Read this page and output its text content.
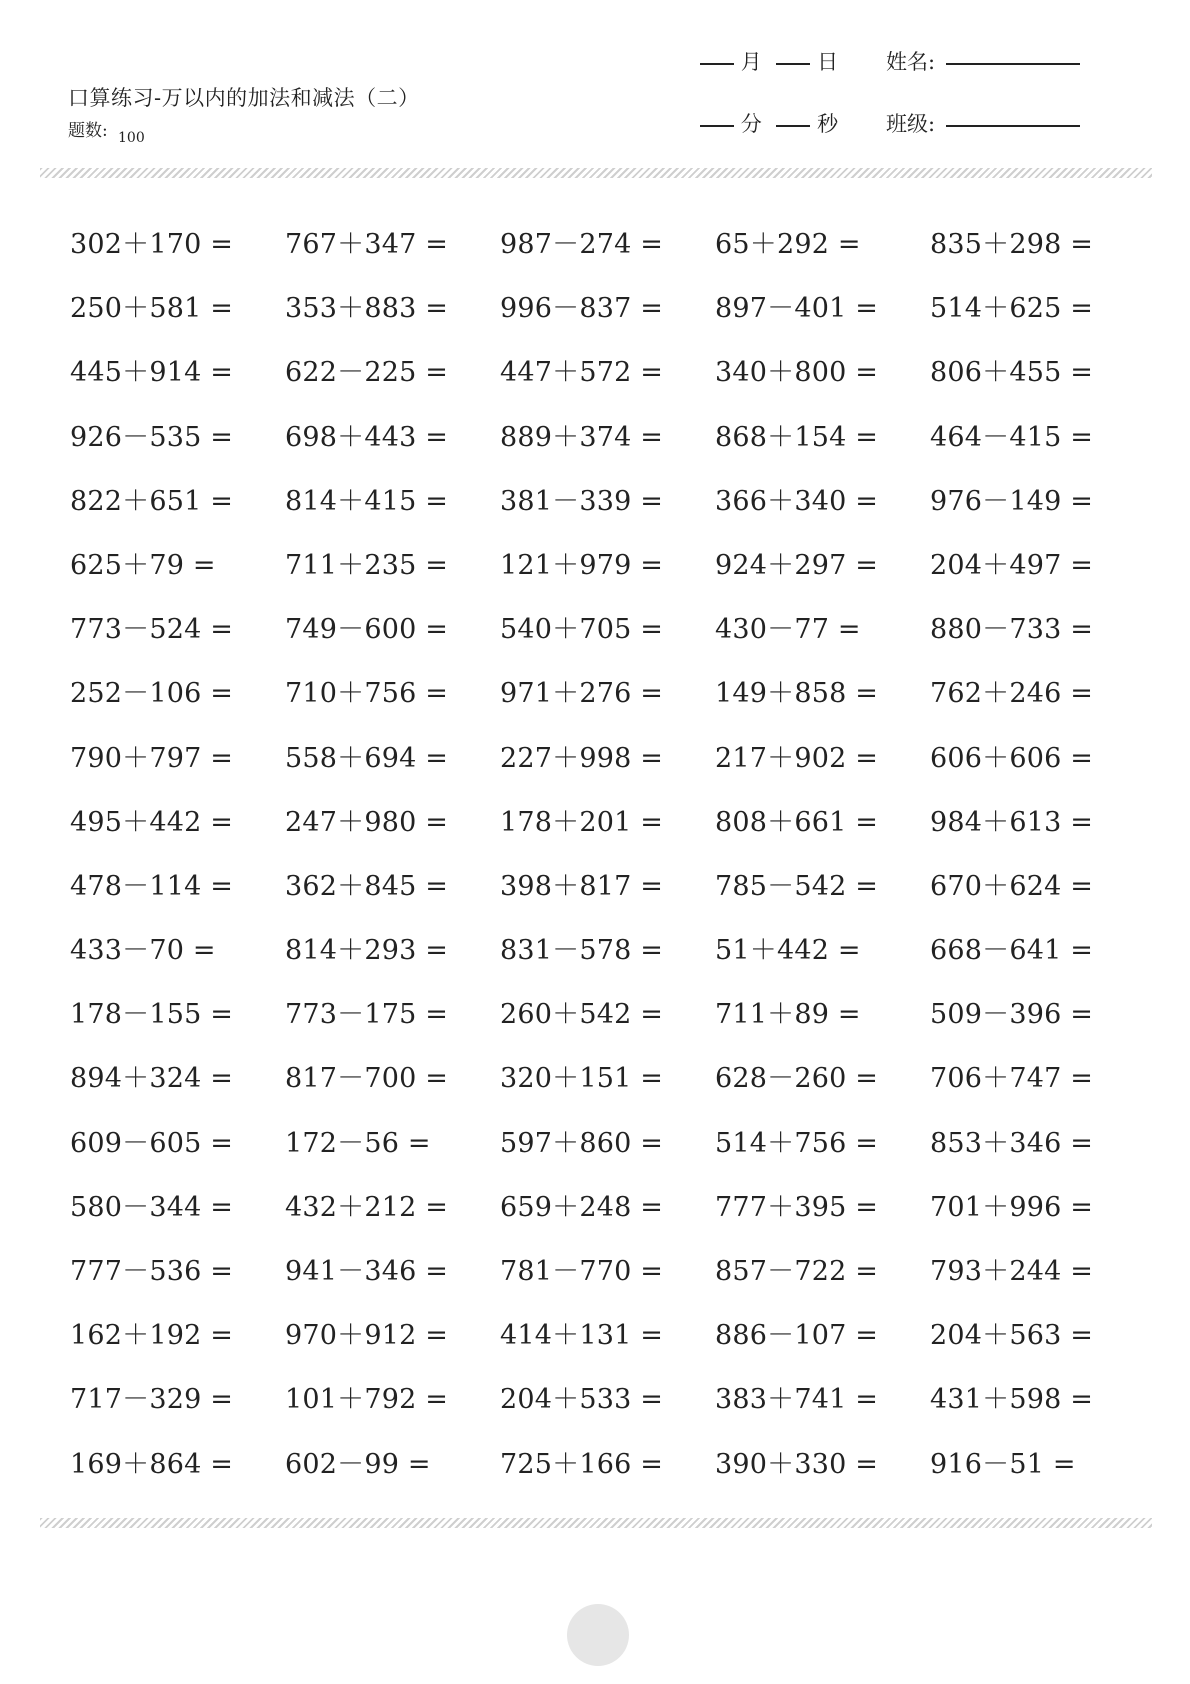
口算练习-万以内的加法和减法（二）
题数: 100
月	日
分	秒
姓名:
班级:
302＋170 =	767＋347 =	987－274 =	65＋292 =	835＋298 =
250＋581 =	353＋883 =	996－837 =	897－401 =	514＋625 =
445＋914 =	622－225 =	447＋572 =	340＋800 =	806＋455 =
926－535 =	698＋443 =	889＋374 =	868＋154 =	464－415 =
822＋651 =	814＋415 =	381－339 =	366＋340 =	976－149 =
625＋79 =	711＋235 =	121＋979 =	924＋297 =	204＋497 =
773－524 =	749－600 =	540＋705 =	430－77 =	880－733 =
252－106 =	710＋756 =	971＋276 =	149＋858 =	762＋246 =
790＋797 =	558＋694 =	227＋998 =	217＋902 =	606＋606 =
495＋442 =	247＋980 =	178＋201 =	808＋661 =	984＋613 =
478－114 =	362＋845 =	398＋817 =	785－542 =	670＋624 =
433－70 =	814＋293 =	831－578 =	51＋442 =	668－641 =
178－155 =	773－175 =	260＋542 =	711＋89 =	509－396 =
894＋324 =	817－700 =	320＋151 =	628－260 =	706＋747 =
609－605 =	172－56 =	597＋860 =	514＋756 =	853＋346 =
580－344 =	432＋212 =	659＋248 =	777＋395 =	701＋996 =
777－536 =	941－346 =	781－770 =	857－722 =	793＋244 =
162＋192 =	970＋912 =	414＋131 =	886－107 =	204＋563 =
717－329 =	101＋792 =	204＋533 =	383＋741 =	431＋598 =
169＋864 =	602－99 =	725＋166 =	390＋330 =	916－51 =
